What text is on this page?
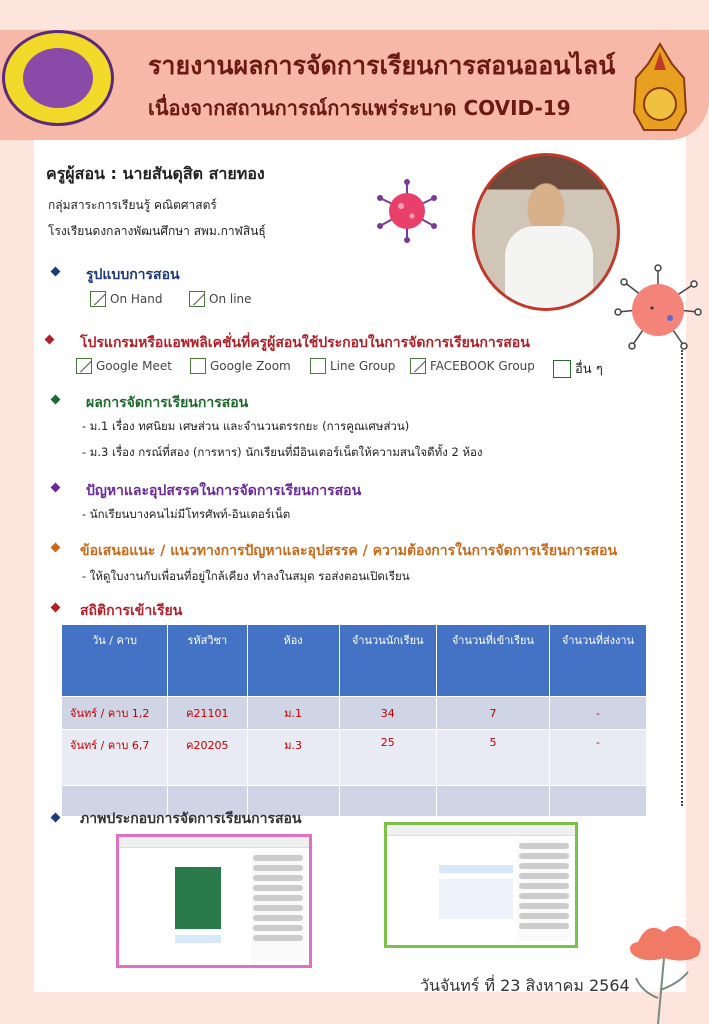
รายงานผลการจัดการเรียนการสอนออนไลน์
เนื่องจากสถานการณ์การแพร่ระบาด COVID-19
ครูผู้สอน : นายสันดุสิต สายทอง
กลุ่มสาระการเรียนรู้ คณิตศาสตร์
โรงเรียนดงกลางพัฒนศึกษา สพม.กาฬสินธุ์
รูปแบบการสอน
On Hand	On line
โปรแกรมหรือแอพพลิเคชั่นที่ครูผู้สอนใช้ประกอบในการจัดการเรียนการสอน
Google Meet	Google Zoom	Line Group	FACEBOOK Group	อื่น ๆ
ผลการจัดการเรียนการสอน
- ม.1 เรื่อง ทศนิยม เศษส่วน และจำนวนตรรกยะ (การคูณเศษส่วน)
- ม.3 เรื่อง กรณ์ที่สอง (การหาร) นักเรียนที่มีอินเตอร์เน็ตให้ความสนใจดีทั้ง 2 ห้อง
ปัญหาและอุปสรรคในการจัดการเรียนการสอน
- นักเรียนบางคนไม่มีโทรศัพท์-อินเตอร์เน็ต
ข้อเสนอแนะ / แนวทางการปัญหาและอุปสรรค / ความต้องการในการจัดการเรียนการสอน
- ให้ดูใบงานกับเพื่อนที่อยู่ใกล้เคียง ทำลงในสมุด รอส่งตอนเปิดเรียน
สถิติการเข้าเรียน
วัน / คาบ	รหัสวิชา	ห้อง	จำนวนนักเรียน	จำนวนที่เข้าเรียน	จำนวนที่ส่งงาน
จันทร์ / คาบ 1,2	ค21101	ม.1	34	7	-
จันทร์ / คาบ 6,7	ค20205	ม.3	25	5	-

ภาพประกอบการจัดการเรียนการสอน
วันจันทร์ ที่ 23 สิงหาคม 2564
